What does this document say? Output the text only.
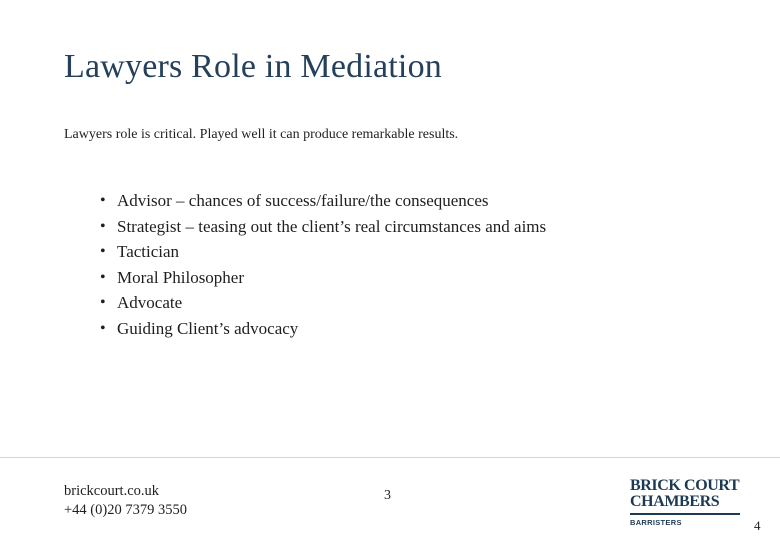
Lawyers Role in Mediation
Lawyers role is critical. Played well it can produce remarkable results.
• Advisor – chances of success/failure/the consequences
• Strategist – teasing out the client’s real circumstances and aims
• Tactician
• Moral Philosopher
• Advocate
• Guiding Client’s advocacy
brickcourt.co.uk
+44 (0)20 7379 3550
3
BRICK COURT
CHAMBERS
BARRISTERS	4
